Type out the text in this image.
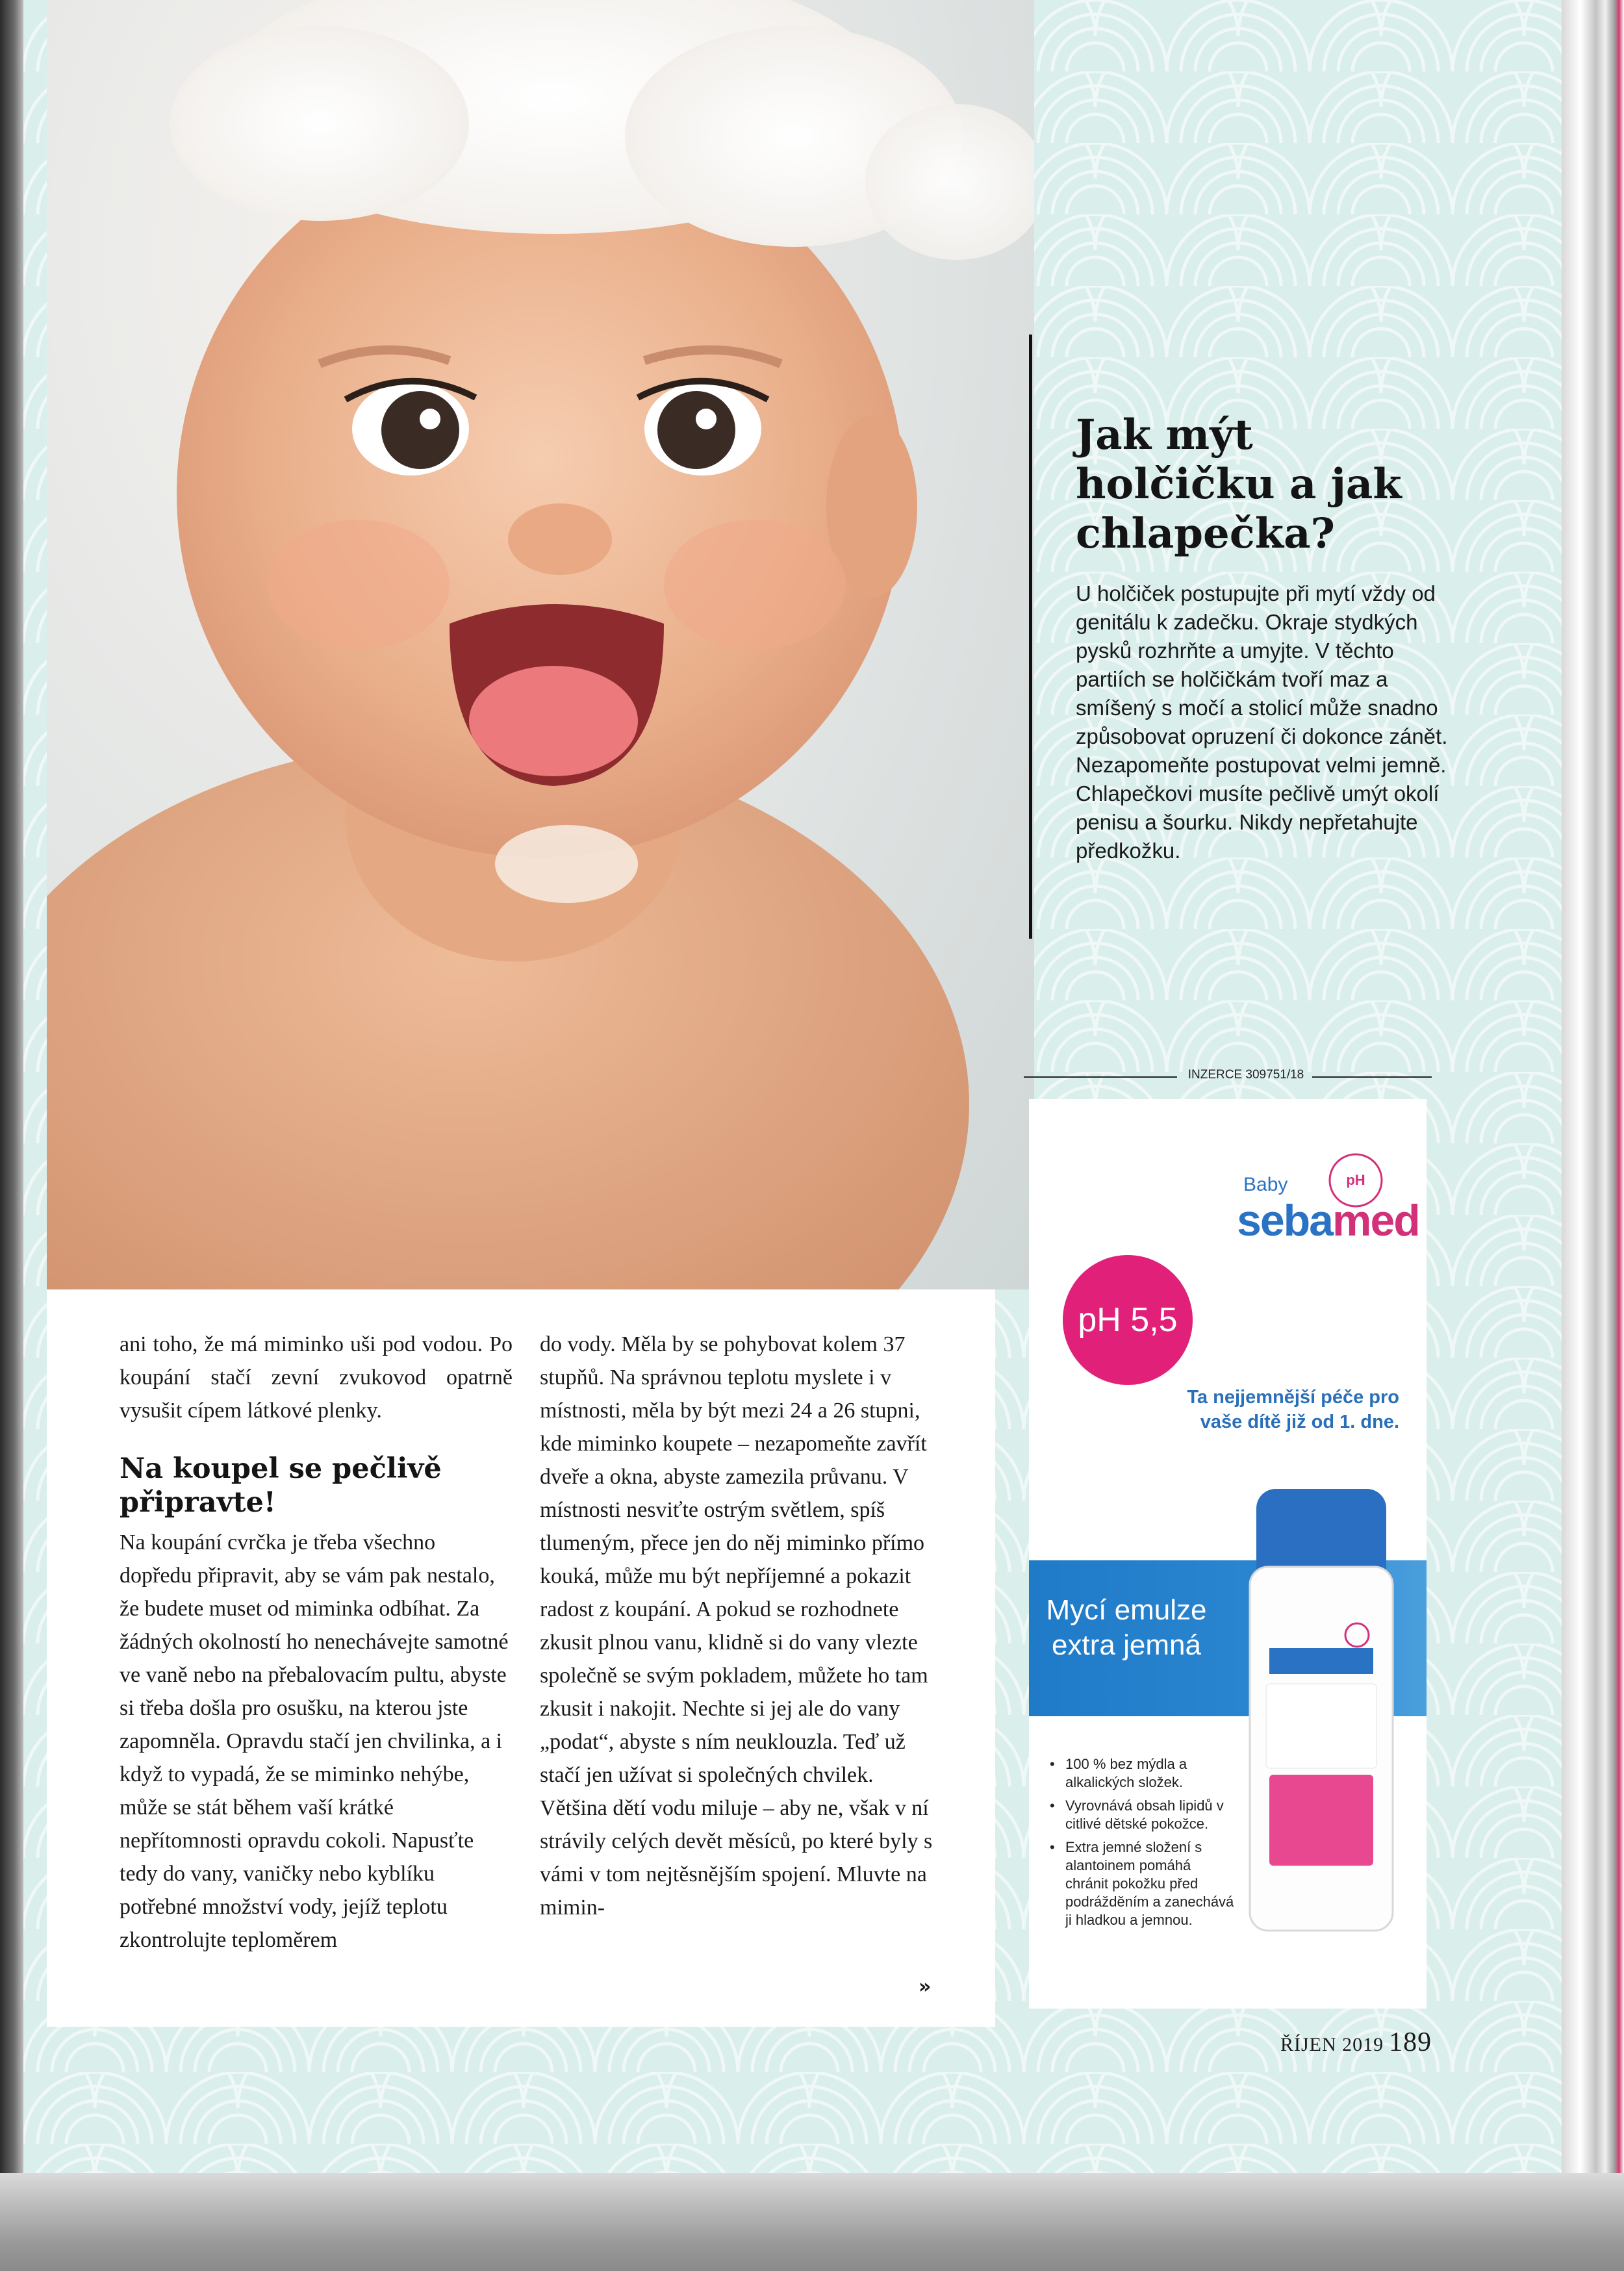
Jak mýt holčičku a jak chlapečka?

U holčiček postupujte při mytí vždy od genitálu k zadečku. Okraje stydkých pysků rozhrňte a umyjte. V těchto partiích se holčičkám tvoří maz a smíšený s močí a stolicí může snadno způsobovat opruzení či dokonce zánět. Nezapomeňte postupovat velmi jemně. Chlapečkovi musíte pečlivě umýt okolí penisu a šourku. Nikdy nepřetahujte předkožku.

INZERCE 309751/18
Baby
sebamed
pH
pH 5,5
Ta nejjemnější péče pro vaše dítě již od 1. dne.
Mycí emulze extra jemná
• 100 % bez mýdla a alkalických složek.
• Vyrovnává obsah lipidů v citlivé dětské pokožce.
• Extra jemné složení s alantoinem pomáhá chránit pokožku před podrážděním a zanechává ji hladkou a jemnou.

ani toho, že má miminko uši pod vodou. Po koupání stačí zevní zvukovod opatrně vysušit cípem látkové plenky.

Na koupel se pečlivě připravte!

Na koupání cvrčka je třeba všechno dopředu připravit, aby se vám pak nestalo, že budete muset od miminka odbíhat. Za žádných okolností ho nenechávejte samotné ve vaně nebo na přebalovacím pultu, abyste si třeba došla pro osušku, na kterou jste zapomněla. Opravdu stačí jen chvilinka, a i když to vypadá, že se miminko nehýbe, může se stát během vaší krátké nepřítomnosti opravdu cokoli. Napusťte tedy do vany, vaničky nebo kyblíku potřebné množství vody, jejíž teplotu zkontrolujte teploměrem

do vody. Měla by se pohybovat kolem 37 stupňů. Na správnou teplotu myslete i v místnosti, měla by být mezi 24 a 26 stupni, kde miminko koupete – nezapomeňte zavřít dveře a okna, abyste zamezila průvanu. V místnosti nesviťte ostrým světlem, spíš tlumeným, přece jen do něj miminko přímo kouká, může mu být nepříjemné a pokazit radost z koupání. A pokud se rozhodnete zkusit plnou vanu, klidně si do vany vlezte společně se svým pokladem, můžete ho tam zkusit i nakojit. Nechte si jej ale do vany „podat“, abyste s ním neuklouzla. Teď už stačí jen užívat si společných chvilek. Většina dětí vodu miluje – aby ne, však v ní strávily celých devět měsíců, po které byly s vámi v tom nejtěsnějším spojení. Mluvte na mimin-

»
ŘÍJEN 2019 189
